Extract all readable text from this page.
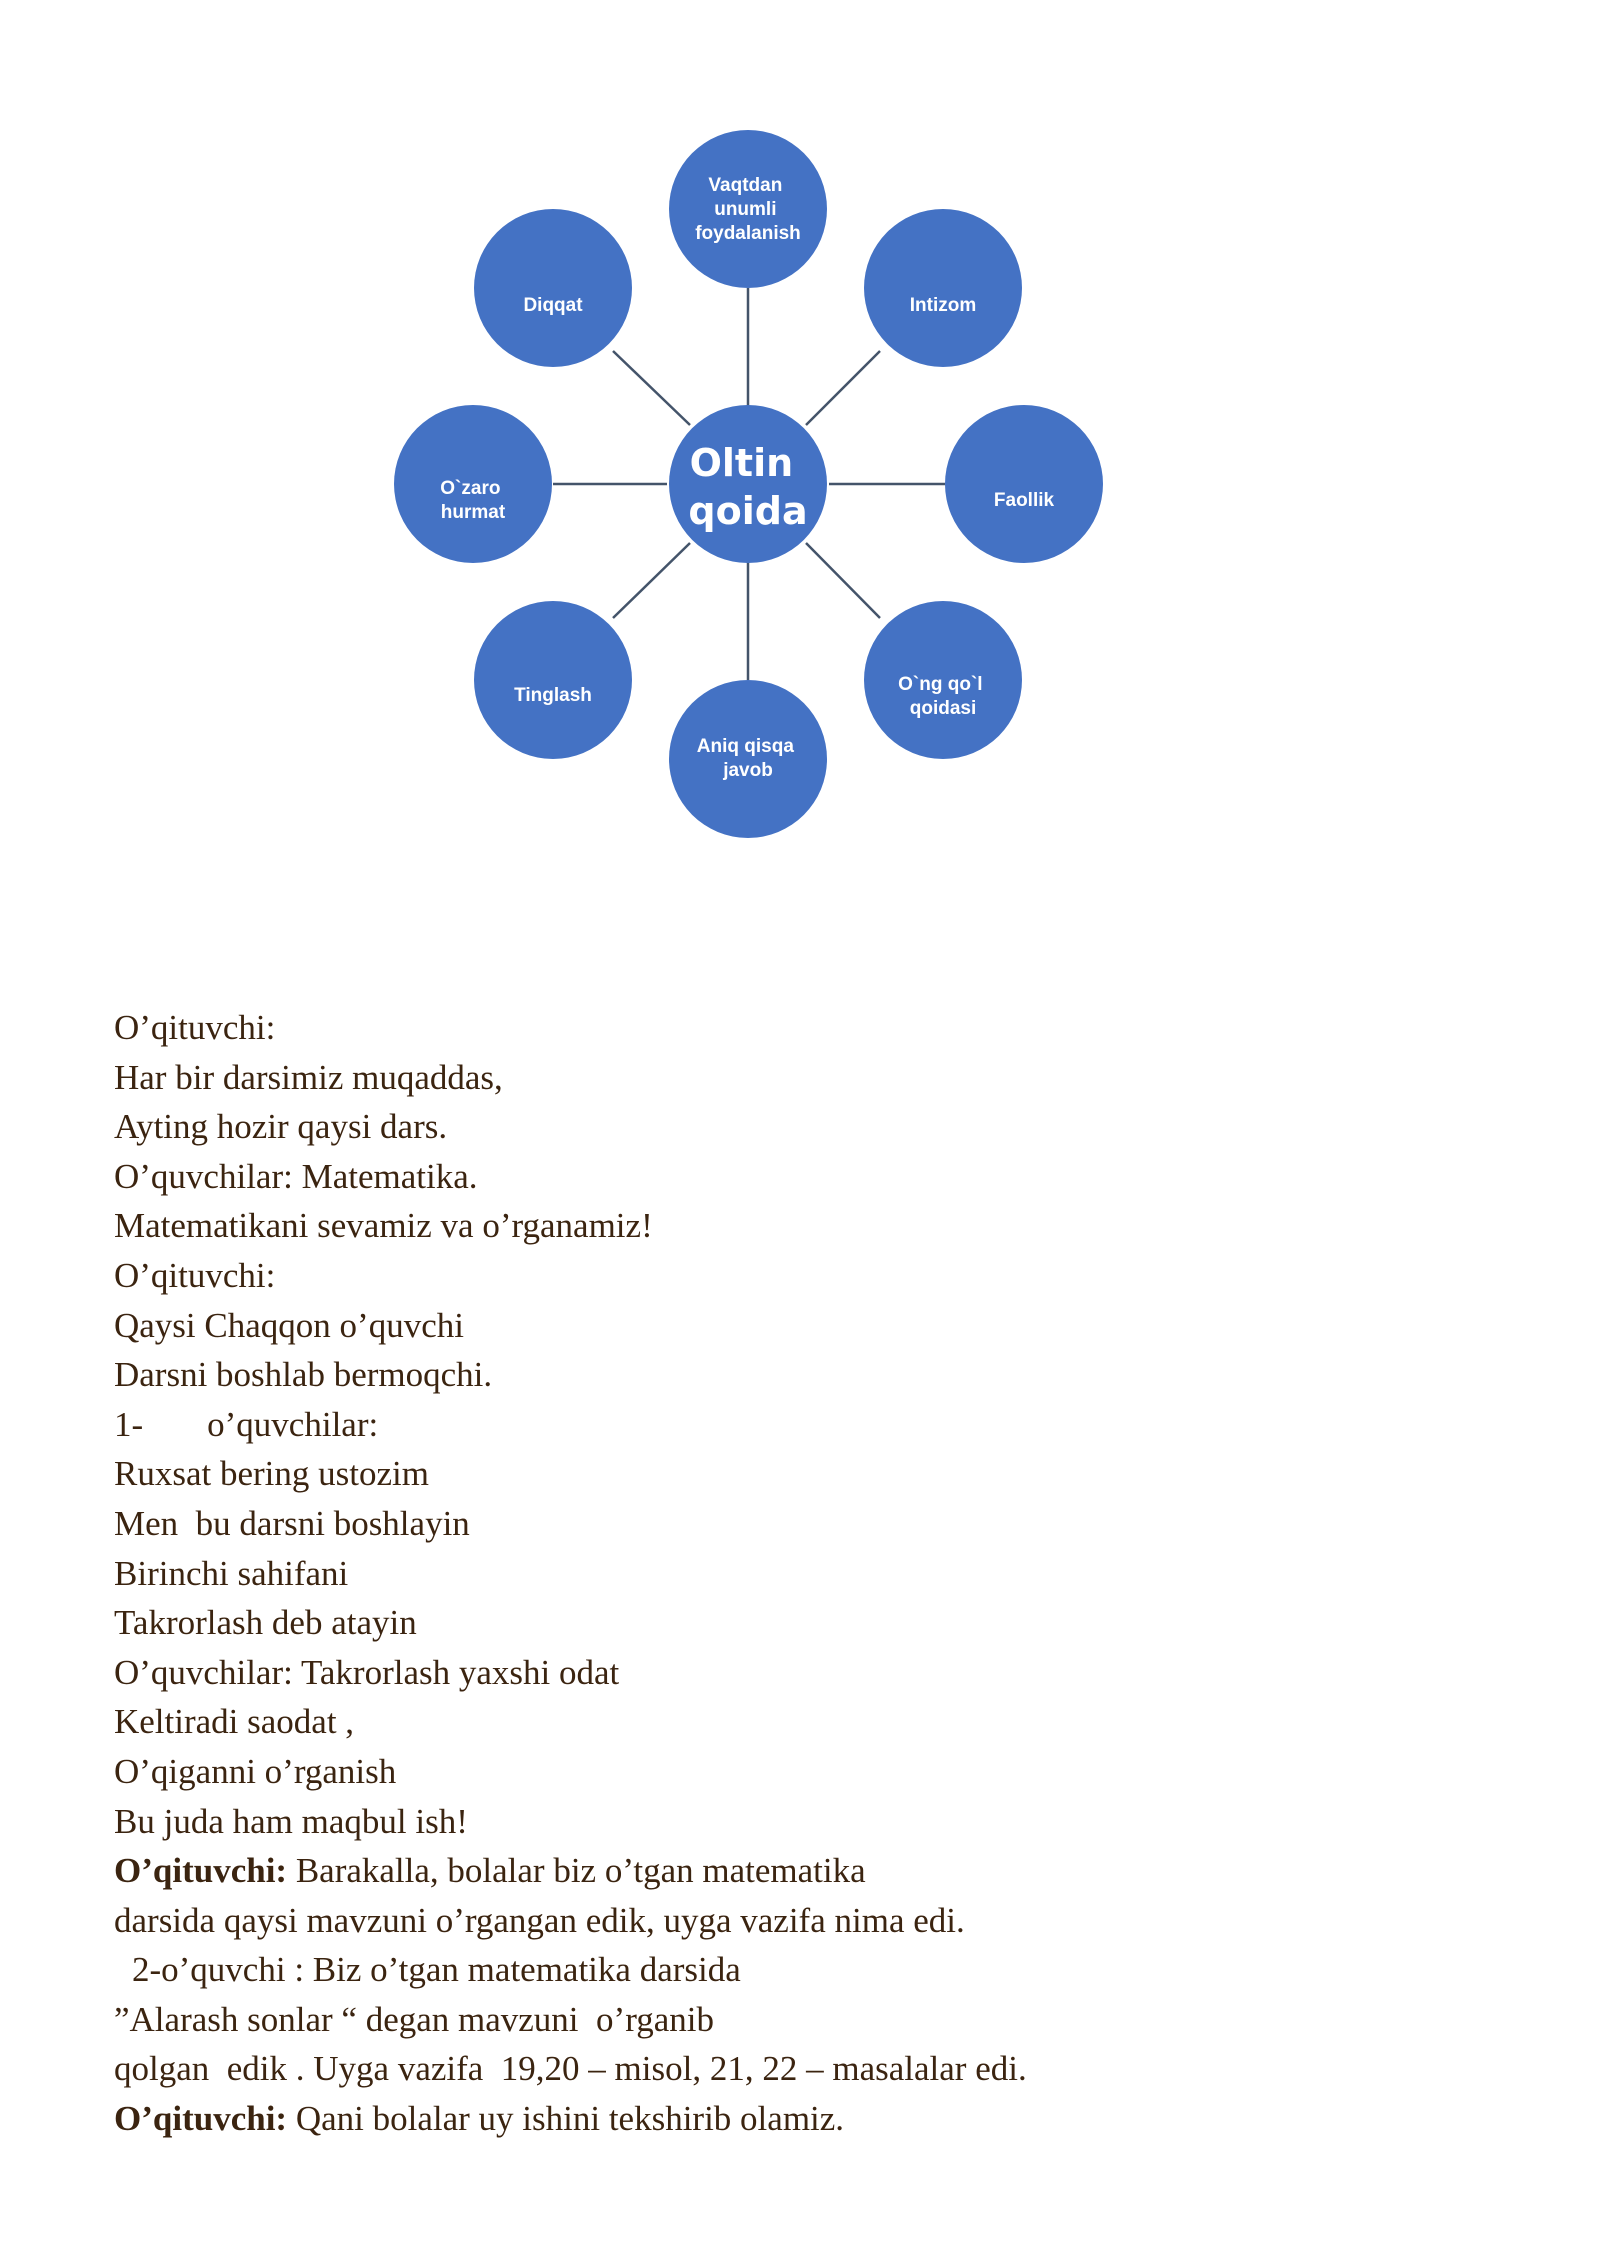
Vaqtdan unumli foydalanish
Intizom
Faollik
O`ng qo`l qoidasi
Aniq qisqa javob
Tinglash
O`zaro hurmat
Diqqat
Oltin qoida
O’qituvchi:
Har bir darsimiz muqaddas,
Ayting hozir qaysi dars.
O’quvchilar: Matematika.
Matematikani sevamiz va o’rganamiz!
O’qituvchi:
Qaysi Chaqqon o’quvchi
Darsni boshlab bermoqchi.
1- o’quvchilar:
Ruxsat bering ustozim
Men  bu darsni boshlayin
Birinchi sahifani
Takrorlash deb atayin
O’quvchilar: Takrorlash yaxshi odat
Keltiradi saodat ,
O’qiganni o’rganish
Bu juda ham maqbul ish!
O’qituvchi: Barakalla, bolalar biz o’tgan matematika
darsida qaysi mavzuni o’rgangan edik, uyga vazifa nima edi.
2-o’quvchi : Biz o’tgan matematika darsida
”Alarash sonlar “ degan mavzuni  o’rganib
qolgan  edik . Uyga vazifa  19,20 – misol, 21, 22 – masalalar edi.
O’qituvchi: Qani bolalar uy ishini tekshirib olamiz.
